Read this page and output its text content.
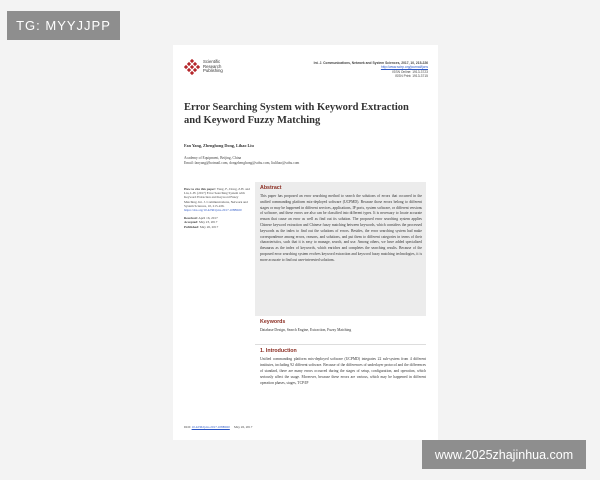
TG: MYYJJPP
Scientific
Research
Publishing
Int. J. Communications, Network and System Sciences, 2017, 10, 215-226
http://www.scirp.org/journal/ijcns
ISSN Online: 1913-3723
ISSN Print: 1913-3715
Error Searching System with Keyword Extraction and Keyword Fuzzy Matching
Fan Yang, Zhenghong Dong, Lihao Liu
Academy of Equipment, Beijing, China
Email: fanyang@hotmail.com, dongzhenghong@sohu.com, liulihao@sohu.com
How to cite this paper: Yang, F., Dong, Z.H. and Liu, L.H. (2017) Error Searching System with Keyword Extraction and Keyword Fuzzy Matching. Int. J. Communications, Network and System Sciences, 10, 215-226. https://doi.org/10.4236/ijcns.2017.108B020
Received: April 16, 2017
Accepted: May 23, 2017
Published: May 26, 2017
Abstract
This paper has proposed an error searching method to search the solutions of errors that occurred in the unified commanding platform mix-deployed software (UCPMD). Because those errors belong to different stages or may be happened in different services, applications, IP ports, system software, or different versions of software, and these errors are also can be classified into different types. It is necessary to locate accurate reason that cause an error as well as find out its solution. The proposed error searching system applies Chinese keyword extraction and Chinese fuzzy matching between keywords, which considers the processed keywords as the index to find out the solutions of errors. Besides, the error searching system had make correspondence among errors, reasons, and solutions, and put them to different categories in terms of their characteristics, such that it is easy to manage, search, and use. Among others, we have added specialized thesaurus as the index of keywords, which enriches and completes the searching results. Because of the proposed error searching system evolves keyword extraction and keyword fuzzy matching technologies, it is more accurate to find out user-interested solutions.
Keywords
Database Design, Search Engine, Extraction, Fuzzy Matching
1. Introduction
Unified commanding platform mix-deployed software (UCPMD) integrates 22 sub-system from 4 different institutes, including 92 different software. Because of the differences of underlayer protocol and the differences of standard, there are many errors occurred during the stages of setup, configuration, and operation, which seriously affect the usage. Moreover, because these errors are various, which may be happened in different operation phases, stages, TCP/IP
DOI: 10.4236/ijcns.2017.108B020 May 26, 2017
www.2025zhajinhua.com
